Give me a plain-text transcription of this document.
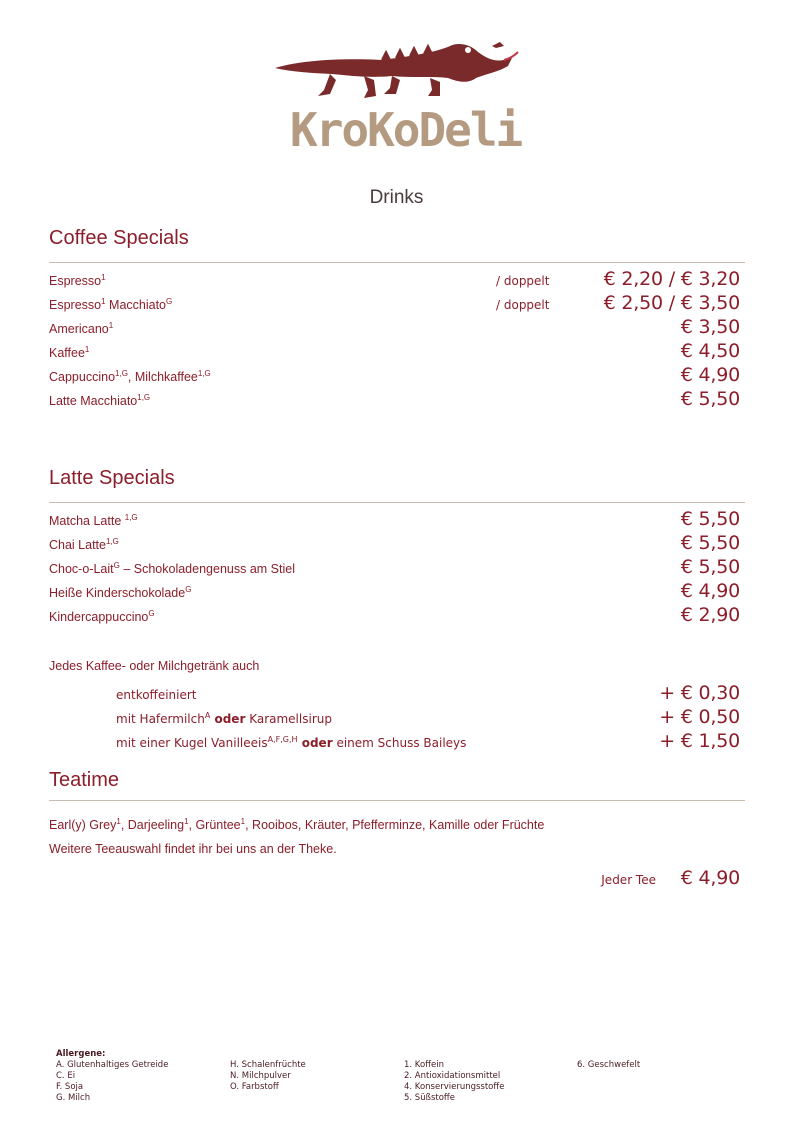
KroKoDeli
Drinks
Coffee Specials
Espresso$^1$	/ doppelt	€ 2,20 / € 3,20
Espresso$^1$ Macchiato$^G$	/ doppelt	€ 2,50 / € 3,50
Americano$^1$	€ 3,50
Kaffee$^1$	€ 4,50
Cappuccino$^{1,G}$, Milchkaffee$^{1,G}$	€ 4,90
Latte Macchiato$^{1,G}$	€ 5,50
Latte Specials
Matcha Latte $^{1,G}$	€ 5,50
Chai Latte$^{1,G}$	€ 5,50
Choc-o-Lait$^G$ – Schokoladengenuss am Stiel	€ 5,50
Heiße Kinderschokolade$^G$	€ 4,90
Kindercappuccino$^G$	€ 2,90
Jedes Kaffee- oder Milchgetränk auch
entkoffeiniert	+ € 0,30
mit Hafermilch$^A$ oder Karamellsirup	+ € 0,50
mit einer Kugel Vanilleeis$^{A,F,G,H}$ oder einem Schuss Baileys	+ € 1,50
Teatime
Earl(y) Grey$^1$, Darjeeling$^1$, Grüntee$^1$, Rooibos, Kräuter, Pfefferminze, Kamille oder Früchte
Weitere Teeauswahl findet ihr bei uns an der Theke.
Jeder Tee € 4,90
Allergene:
A. Glutenhaltiges Getreide
C. Ei
F. Soja
G. Milch
H. Schalenfrüchte
N. Milchpulver
O. Farbstoff
1. Koffein
2. Antioxidationsmittel
4. Konservierungsstoffe
5. Süßstoffe
6. Geschwefelt
